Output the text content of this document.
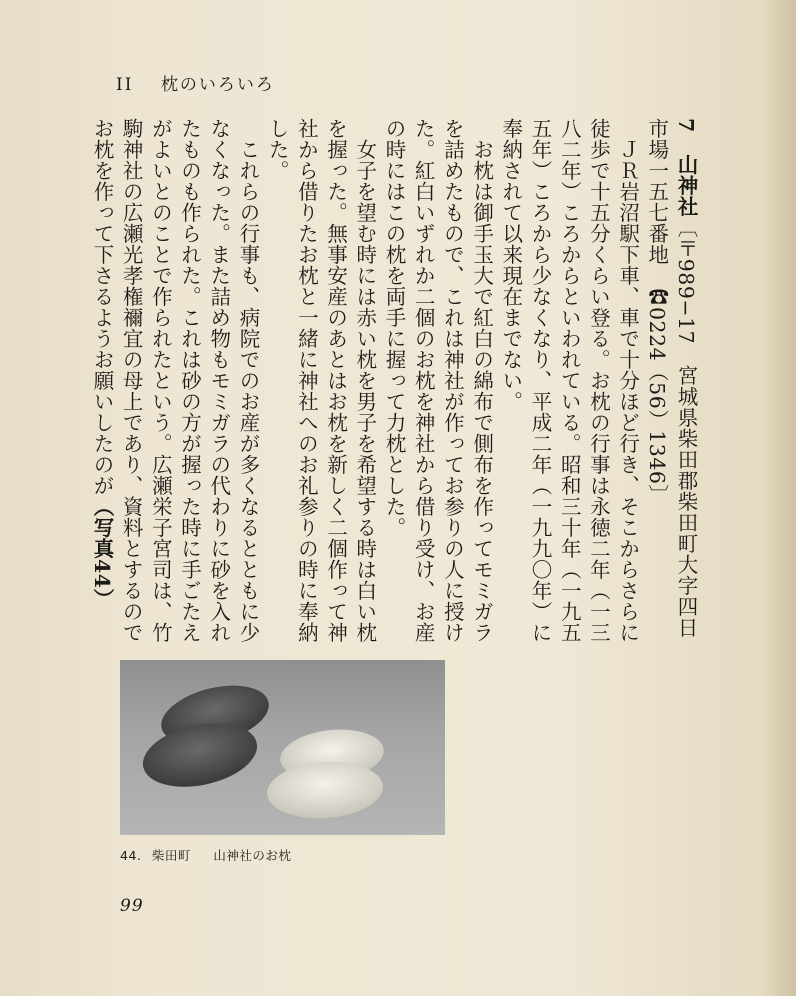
II 枕のいろいろ

7　山神社〔〒989−17　宮城県柴田郡柴田町大字四日市場一五七番地　☎0224（56）1346〕

ＪＲ岩沼駅下車、車で十分ほど行き、そこからさらに徒歩で十五分くらい登る。お枕の行事は永徳二年（一三八二年）ころからといわれている。昭和三十年（一九五五年）ころから少なくなり、平成二年（一九九〇年）に奉納されて以来現在までない。

お枕は御手玉大で紅白の綿布で側布を作ってモミガラを詰めたもので、これは神社が作ってお参りの人に授けた。紅白いずれか二個のお枕を神社から借り受け、お産の時にはこの枕を両手に握って力枕とした。

女子を望む時には赤い枕を男子を希望する時は白い枕を握った。無事安産のあとはお枕を新しく二個作って神社から借りたお枕と一緒に神社へのお礼参りの時に奉納した。

これらの行事も、病院でのお産が多くなるとともに少なくなった。また詰め物もモミガラの代わりに砂を入れたものも作られた。これは砂の方が握った時に手ごたえがよいとのことで作られたという。広瀬栄子宮司は、竹駒神社の広瀬光孝権禰宜の母上であり、資料とするのでお枕を作って下さるようお願いしたのが（写真44）

44. 柴田町 山神社のお枕
99
